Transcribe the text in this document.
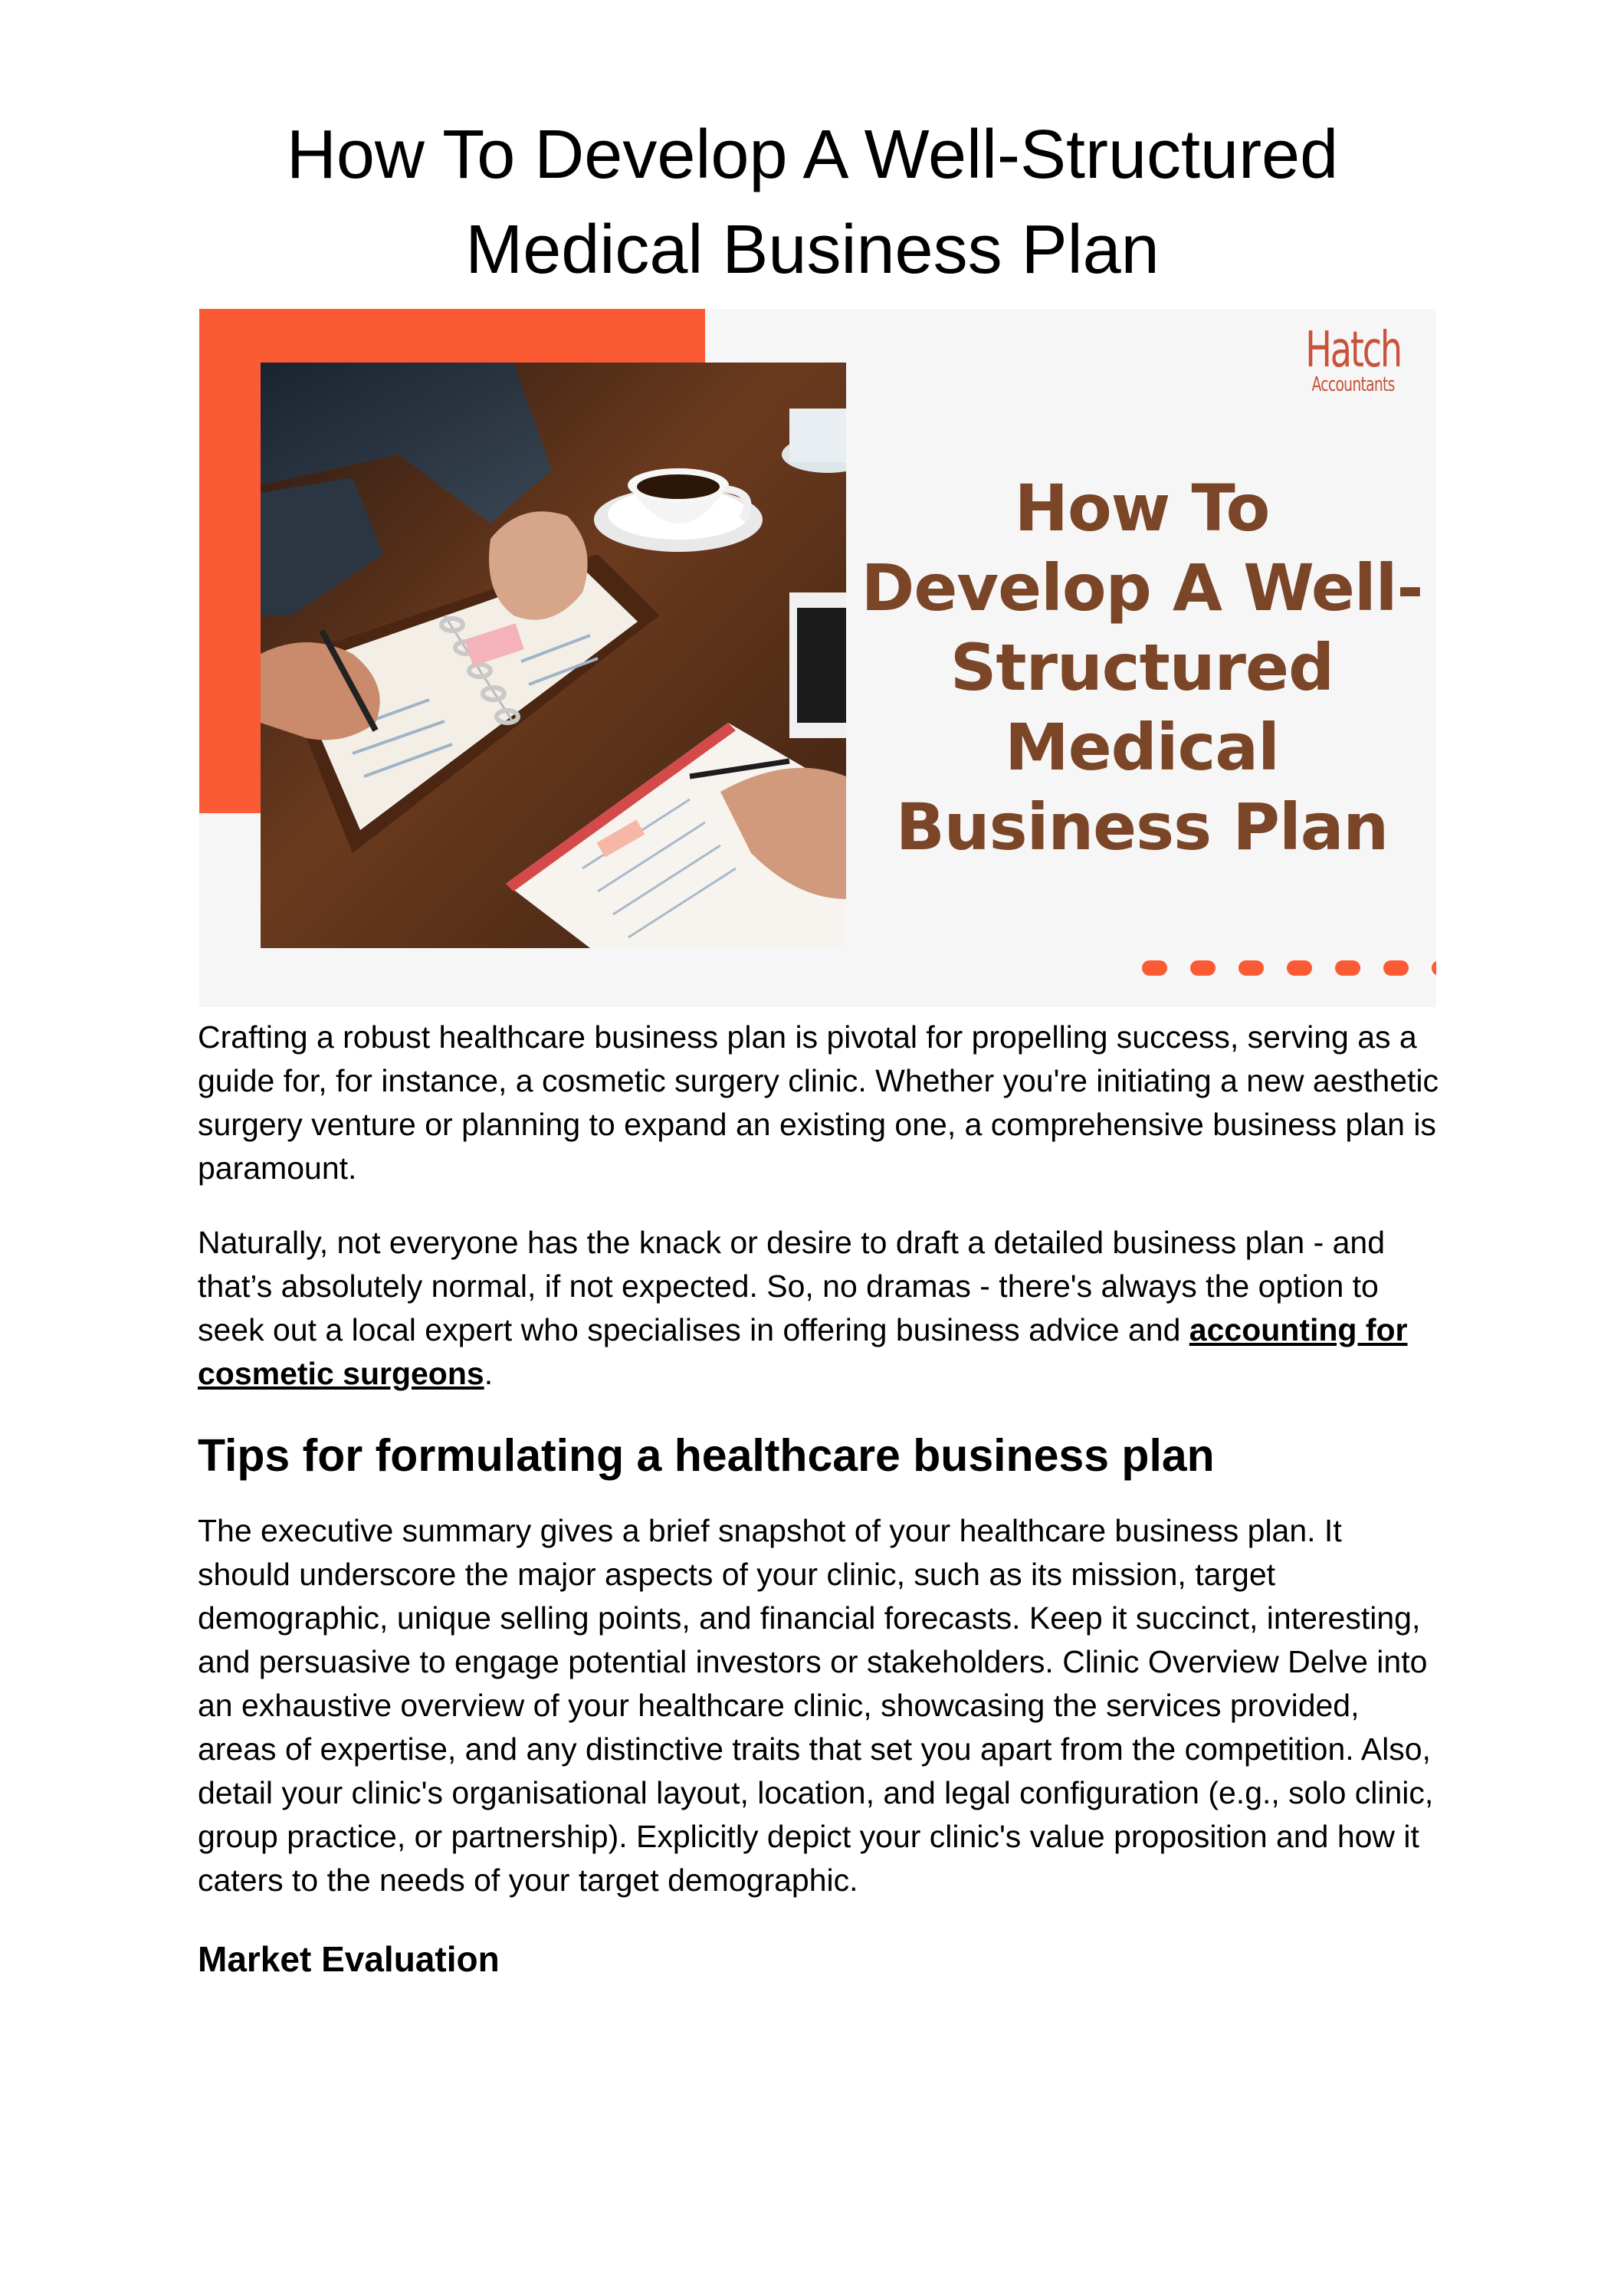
How To Develop A Well-Structured
Medical Business Plan
Hatch
Accountants
How To
Develop A Well-
Structured
Medical
Business Plan

Crafting a robust healthcare business plan is pivotal for propelling success, serving as a guide for, for instance, a cosmetic surgery clinic. Whether you're initiating a new aesthetic surgery venture or planning to expand an existing one, a comprehensive business plan is paramount.

Naturally, not everyone has the knack or desire to draft a detailed business plan - and that’s absolutely normal, if not expected. So, no dramas - there's always the option to seek out a local expert who specialises in offering business advice and accounting for cosmetic surgeons.

Tips for formulating a healthcare business plan

The executive summary gives a brief snapshot of your healthcare business plan. It should underscore the major aspects of your clinic, such as its mission, target demographic, unique selling points, and financial forecasts. Keep it succinct, interesting, and persuasive to engage potential investors or stakeholders. Clinic Overview Delve into an exhaustive overview of your healthcare clinic, showcasing the services provided, areas of expertise, and any distinctive traits that set you apart from the competition. Also, detail your clinic's organisational layout, location, and legal configuration (e.g., solo clinic, group practice, or partnership). Explicitly depict your clinic's value proposition and how it caters to the needs of your target demographic.

Market Evaluation
